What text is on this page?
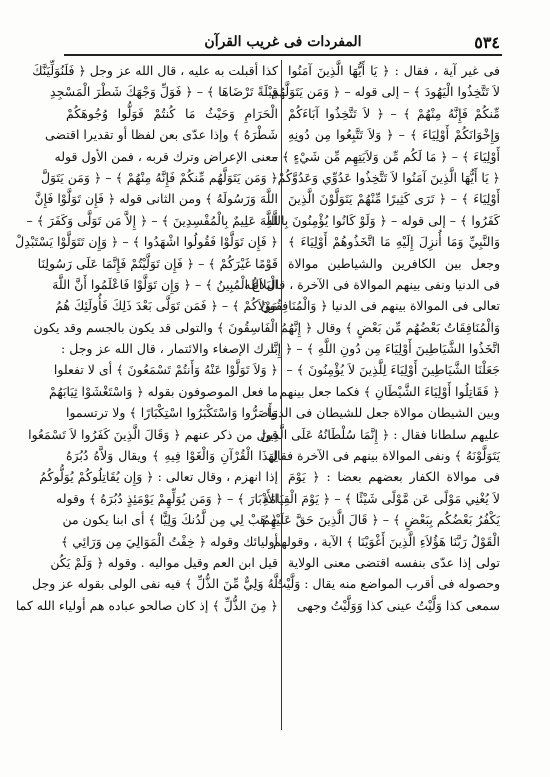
٥٣٤
المفردات فى غريب القرآن
فى غير آية ، فقال : ﴿ يَا أَيُّهَا الَّذِينَ آمَنُوا
لاَ تَتَّخِذُوا الْيَهُودَ ﴾ – إلى قوله – ﴿ وَمَن يَتَوَلَّهُم
مِّنكُمْ فَإِنَّهُ مِنْهُمْ ﴾ – ﴿ لاَ تَتَّخِذُوا آبَاءَكُمْ
وَإِخْوَانَكُمْ أَوْلِيَاءَ ﴾ – ﴿ وَلاَ تَتَّبِعُوا مِن دُونِهِ
أَوْلِيَاءَ ﴾ – ﴿ مَا لَكُم مِّن وَلاَيَتِهِم مِّن شَيْءٍ ﴾ –
﴿ يَا أَيُّهَا الَّذِينَ آمَنُوا لاَ تَتَّخِذُوا عَدُوِّي وَعَدُوَّكُمْ
أَوْلِيَاءَ ﴾ – ﴿ تَرَى كَثِيرًا مِّنْهُمْ يَتَوَلَّوْنَ الَّذِينَ
كَفَرُوا ﴾ – إلى قوله – ﴿ وَلَوْ كَانُوا يُؤْمِنُونَ بِاللَّهِ
وَالنَّبِيِّ وَمَا أُنزِلَ إِلَيْهِ مَا اتَّخَذُوهُمْ أَوْلِيَاءَ ﴾
وجعل بين الكافرين والشياطين موالاة
فى الدنيا ونفى بينهم الموالاة فى الآخرة ، قال الله
تعالى فى الموالاة بينهم فى الدنيا ﴿ وَالْمُنَافِقُونَ
وَالْمُنَافِقَاتُ بَعْضُهُم مِّن بَعْضٍ ﴾ وقال ﴿ إِنَّهُمُ
اتَّخَذُوا الشَّيَاطِينَ أَوْلِيَاءَ مِن دُونِ اللَّهِ ﴾ – ﴿ إِنَّا
جَعَلْنَا الشَّيَاطِينَ أَوْلِيَاءَ لِلَّذِينَ لاَ يُؤْمِنُونَ ﴾ –
﴿ فَقَاتِلُوا أَوْلِيَاءَ الشَّيْطَانِ ﴾ فكما جعل بينهم
وبين الشيطان موالاة جعل للشيطان فى الدنيا
عليهم سلطانا فقال : ﴿ إِنَّمَا سُلْطَانُهُ عَلَى الَّذِينَ
يَتَوَلَّوْنَهُ ﴾ ونفى الموالاة بينهم فى الآخرة فقال
فى موالاة الكفار بعضهم بعضا : ﴿ يَوْمَ
لاَ يُغْنِي مَوْلًى عَن مَّوْلًى شَيْئًا ﴾ – ﴿ يَوْمَ الْقِيَامَةِ
يَكْفُرُ بَعْضُكُم بِبَعْضٍ ﴾ – ﴿ قَالَ الَّذِينَ حَقَّ عَلَيْهِمُ
الْقَوْلُ رَبَّنَا هَؤُلاَءِ الَّذِينَ أَغْوَيْنَا ﴾ الآية ، وقولهم
تولى إذا عدّى بنفسه اقتضى معنى الولاية
وحصوله فى أقرب المواضع منه يقال : وَلَّيْتُ
سمعى كذا وَلَّيْتُ عينى كذا وَوَلَّيْتُ وجهى
كذا أقبلت به عليه ، قال الله عز وجل ﴿ فَلَنُوَلِّيَنَّكَ
قِبْلَةً تَرْضَاهَا ﴾ – ﴿ فَوَلِّ وَجْهَكَ شَطْرَ الْمَسْجِدِ
الْحَرَامِ وَحَيْثُ مَا كُنتُمْ فَوَلُّوا وُجُوهَكُمْ
شَطْرَهُ ﴾ وإذا عدّى بعن لفظا أو تقديرا اقتضى
معنى الإعراض وترك قربه ، فمن الأول قوله
﴿ وَمَن يَتَوَلَّهُم مِّنكُمْ فَإِنَّهُ مِنْهُمْ ﴾ – ﴿ وَمَن يَتَوَلَّ
اللَّهَ وَرَسُولَهُ ﴾ ومن الثانى قوله ﴿ فَإِن تَوَلَّوْا فَإِنَّ
اللَّهَ عَلِيمٌ بِالْمُفْسِدِينَ ﴾ – ﴿ إِلاَّ مَن تَوَلَّى وَكَفَرَ ﴾ –
﴿ فَإِن تَوَلَّوْا فَقُولُوا اشْهَدُوا ﴾ – ﴿ وَإِن تَتَوَلَّوْا يَسْتَبْدِلْ
قَوْمًا غَيْرَكُمْ ﴾ – ﴿ فَإِن تَوَلَّيْتُمْ فَإِنَّمَا عَلَى رَسُولِنَا
الْبَلاَغُ الْمُبِينُ ﴾ – ﴿ وَإِن تَوَلَّوْا فَاعْلَمُوا أَنَّ اللَّهَ
مَوْلاَكُمْ ﴾ – ﴿ فَمَن تَوَلَّى بَعْدَ ذَلِكَ فَأُولَئِكَ هُمُ
الْفَاسِقُونَ ﴾ والتولى قد يكون بالجسم وقد يكون
بترك الإصغاء والائتمار ، قال الله عز وجل :
﴿ وَلاَ تَوَلَّوْا عَنْهُ وَأَنتُمْ تَسْمَعُونَ ﴾ أى لا تفعلوا
ما فعل الموصوفون بقوله ﴿ وَاسْتَغْشَوْا ثِيَابَهُمْ
وَأَصَرُّوا وَاسْتَكْبَرُوا اسْتِكْبَارًا ﴾ ولا ترتسموا
قول من ذكر عنهم ﴿ وَقَالَ الَّذِينَ كَفَرُوا لاَ تَسْمَعُوا
لِهَذَا الْقُرْآنِ وَالْغَوْا فِيهِ ﴾ ويقال وَلاَّهُ دُبُرَهُ
إذا انهزم ، وقال تعالى : ﴿ وَإِن يُقَاتِلُوكُمْ يُوَلُّوكُمُ
الأَدْبَارَ ﴾ – ﴿ وَمَن يُوَلِّهِمْ يَوْمَئِذٍ دُبُرَهُ ﴾ وقوله
﴿ هَبْ لِي مِن لَّدُنكَ وَلِيًّا ﴾ أى ابنا يكون من
أوليائك وقوله ﴿ خِفْتُ الْمَوَالِيَ مِن وَرَائِي ﴾
قيل ابن العم وقيل مواليه . وقوله ﴿ وَلَمْ يَكُن
لَّهُ وَلِيٌّ مِّنَ الذُّلِّ ﴾ فيه نفى الولى بقوله عز وجل
﴿ مِنَ الذُّلِّ ﴾ إذ كان صالحو عباده هم أولياء الله كما
